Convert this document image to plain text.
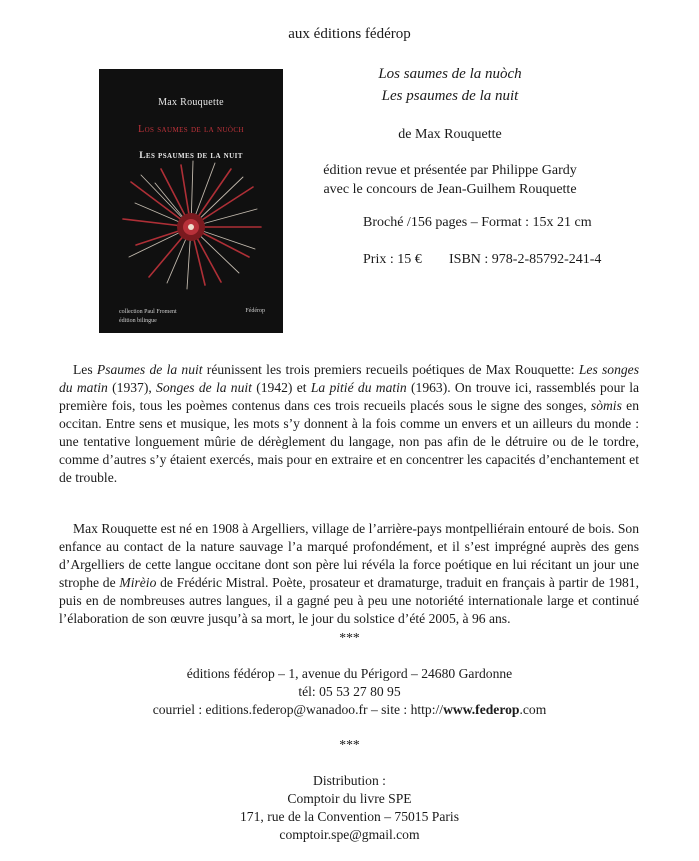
aux éditions fédérop
Max Rouquette
Los saumes de la nuòch
Les psaumes de la nuit
collection Paul Froment
édition bilingue
Fédérop
Los saumes de la nuòch
Les psaumes de la nuit
de Max Rouquette
édition revue et présentée par Philippe Gardy
avec le concours de Jean-Guilhem Rouquette
Broché /156 pages – Format : 15x 21 cm
Prix : 15 € ISBN : 978-2-85792-241-4
Les Psaumes de la nuit réunissent les trois premiers recueils poétiques de Max Rouquette: Les songes du matin (1937), Songes de la nuit (1942) et La pitié du matin (1963). On trouve ici, rassemblés pour la première fois, tous les poèmes contenus dans ces trois recueils placés sous le signe des songes, sòmis en occitan. Entre sens et musique, les mots s’y donnent à la fois comme un envers et un ailleurs du monde : une tentative longuement mûrie de dérèglement du langage, non pas afin de le détruire ou de le tordre, comme d’autres s’y étaient exercés, mais pour en extraire et en concentrer les capacités d’enchantement et de trouble.
Max Rouquette est né en 1908 à Argelliers, village de l’arrière-pays montpelliérain entouré de bois. Son enfance au contact de la nature sauvage l’a marqué profondément, et il s’est imprégné auprès des gens d’Argelliers de cette langue occitane dont son père lui révéla la force poétique en lui récitant un jour une strophe de Mirèio de Frédéric Mistral. Poète, prosateur et dramaturge, traduit en français à partir de 1981, puis en de nombreuses autres langues, il a gagné peu à peu une notoriété internationale large et continué l’élaboration de son œuvre jusqu’à sa mort, le jour du solstice d’été 2005, à 96 ans.
***
éditions fédérop – 1, avenue du Périgord – 24680 Gardonne
tél: 05 53 27 80 95
courriel : editions.federop@wanadoo.fr – site : http://www.federop.com
***
Distribution :
Comptoir du livre SPE
171, rue de la Convention – 75015 Paris
comptoir.spe@gmail.com
